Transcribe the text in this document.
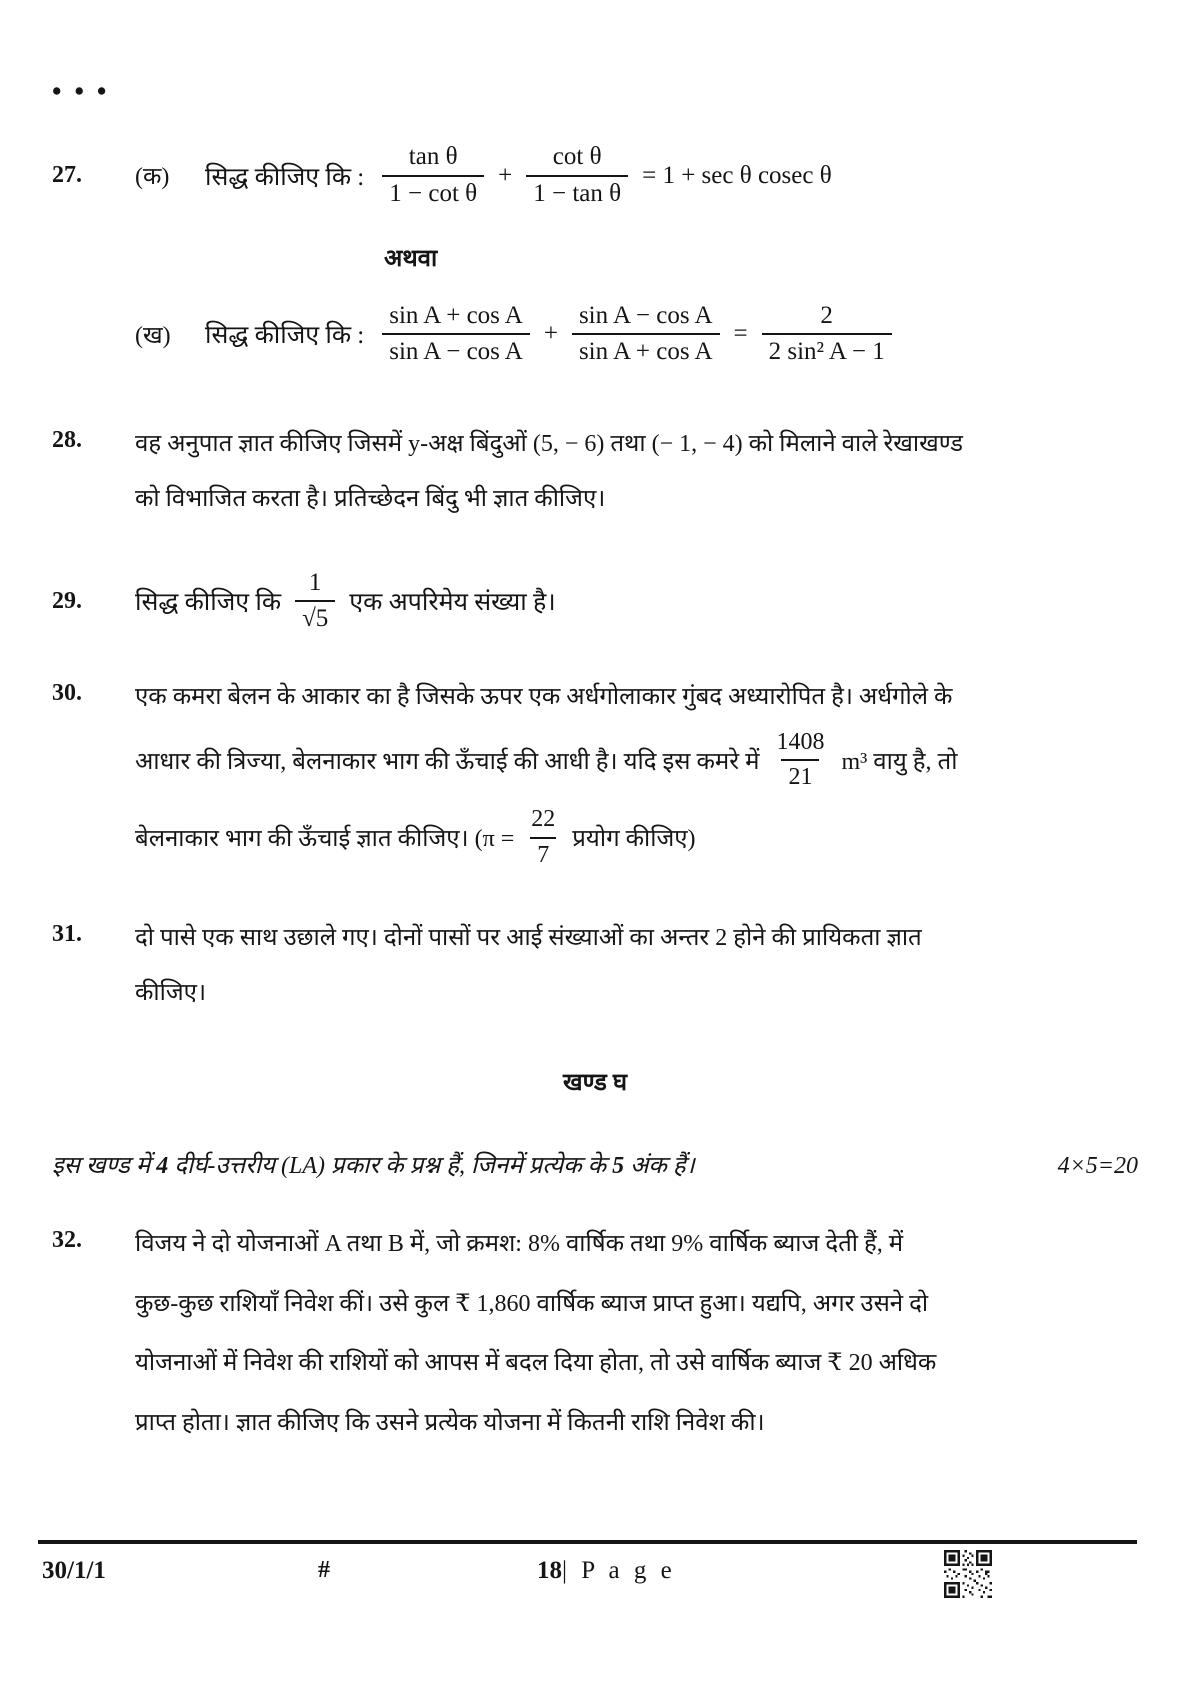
•••
27.	(क)	सिद्ध कीजिए कि : $\frac{\text{tan θ}}{\text{1 − cot θ}} + \frac{\text{cot θ}}{\text{1 − tan θ}} = 1 + \sec \theta$ cosec θ
अथवा
(ख)	सिद्ध कीजिए कि : $\frac{\text{sin A + cos A}}{\text{sin A − cos A}} + \frac{\text{sin A − cos A}}{\text{sin A + cos A}} = \frac{2}{\text{2 sin² A − 1}}$
28.	वह अनुपात ज्ञात कीजिए जिसमें y-अक्ष बिंदुओं (5, − 6) तथा (− 1, − 4) को मिलाने वाले रेखाखण्ड
को विभाजित करता है। प्रतिच्छेदन बिंदु भी ज्ञात कीजिए।
29.	सिद्ध कीजिए कि $\frac{1}{√5}$ एक अपरिमेय संख्या है।
30.	एक कमरा बेलन के आकार का है जिसके ऊपर एक अर्धगोलाकार गुंबद अध्यारोपित है। अर्धगोले के
आधार की त्रिज्या, बेलनाकार भाग की ऊँचाई की आधी है। यदि इस कमरे में $\frac{1408}{21} m^3$ वायु है, तो
बेलनाकार भाग की ऊँचाई ज्ञात कीजिए। ($\pi = \frac{22}{7}$ प्रयोग कीजिए)
31.	दो पासे एक साथ उछाले गए। दोनों पासों पर आई संख्याओं का अन्तर 2 होने की प्रायिकता ज्ञात
कीजिए।
खण्ड घ
इस खण्ड में 4 दीर्घ-उत्तरीय (LA) प्रकार के प्रश्न हैं, जिनमें प्रत्येक के 5 अंक हैं।	4×5=20
32.	विजय ने दो योजनाओं A तथा B में, जो क्रमश: 8% वार्षिक तथा 9% वार्षिक ब्याज देती हैं, में
कुछ-कुछ राशियाँ निवेश कीं। उसे कुल ₹ 1,860 वार्षिक ब्याज प्राप्त हुआ। यद्यपि, अगर उसने दो
योजनाओं में निवेश की राशियों को आपस में बदल दिया होता, तो उसे वार्षिक ब्याज ₹ 20 अधिक
प्राप्त होता। ज्ञात कीजिए कि उसने प्रत्येक योजना में कितनी राशि निवेश की।
30/1/1	#	18| P a g e
